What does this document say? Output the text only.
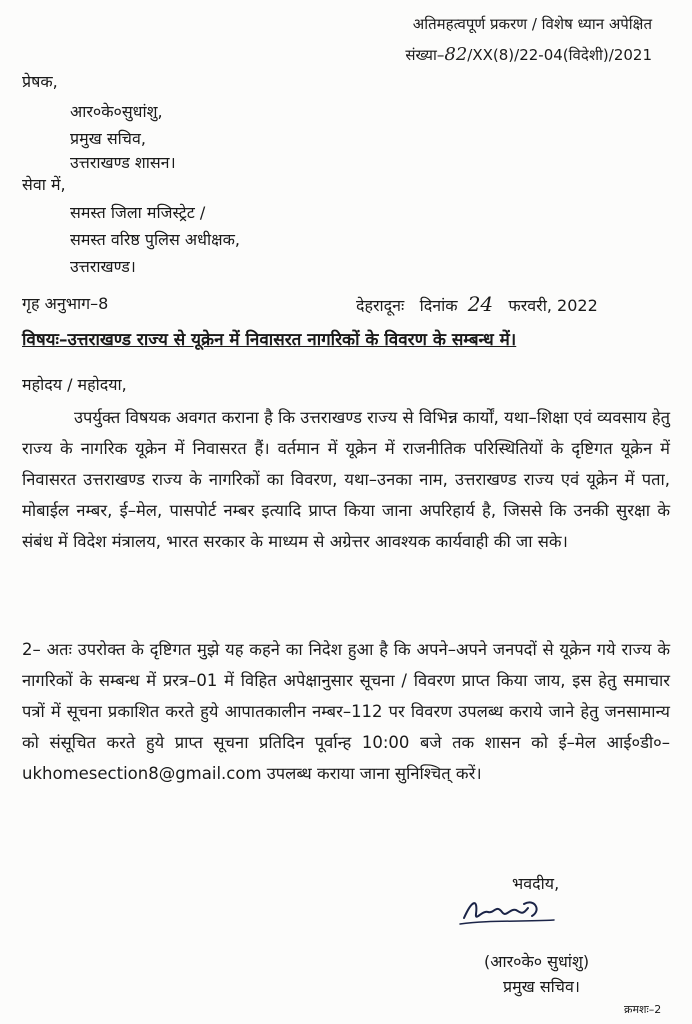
अतिमहत्वपूर्ण प्रकरण / विशेष ध्यान अपेक्षित
संख्या–82/XX(8)/22-04(विदेशी)/2021
प्रेषक,
आर०के०सुधांशु,
प्रमुख सचिव,
उत्तराखण्ड शासन।
सेवा में,
समस्त जिला मजिस्ट्रेट /
समस्त वरिष्ठ पुलिस अधीक्षक,
उत्तराखण्ड।
गृह अनुभाग–8	देहरादूनः दिनांक 24 फरवरी, 2022
विषयः–उत्तराखण्ड राज्य से यूक्रेन में निवासरत नागरिकों के विवरण के सम्बन्ध में।
महोदय / महोदया,

उपर्युक्त विषयक अवगत कराना है कि उत्तराखण्ड राज्य से विभिन्न कार्यों, यथा–शिक्षा एवं व्यवसाय हेतु राज्य के नागरिक यूक्रेन में निवासरत हैं। वर्तमान में यूक्रेन में राजनीतिक परिस्थितियों के दृष्टिगत यूक्रेन में निवासरत उत्तराखण्ड राज्य के नागरिकों का विवरण, यथा–उनका नाम, उत्तराखण्ड राज्य एवं यूक्रेन में पता, मोबाईल नम्बर, ई–मेल, पासपोर्ट नम्बर इत्यादि प्राप्त किया जाना अपरिहार्य है, जिससे कि उनकी सुरक्षा के संबंध में विदेश मंत्रालय, भारत सरकार के माध्यम से अग्रेत्तर आवश्यक कार्यवाही की जा सके।

2– अतः उपरोक्त के दृष्टिगत मुझे यह कहने का निदेश हुआ है कि अपने–अपने जनपदों से यूक्रेन गये राज्य के नागरिकों के सम्बन्ध में प्ररत्र–01 में विहित अपेक्षानुसार सूचना / विवरण प्राप्त किया जाय, इस हेतु समाचार पत्रों में सूचना प्रकाशित करते हुये आपातकालीन नम्बर–112 पर विवरण उपलब्ध कराये जाने हेतु जनसामान्य को संसूचित करते हुये प्राप्त सूचना प्रतिदिन पूर्वान्ह 10:00 बजे तक शासन को ई–मेल आई०डी०–ukhomesection8@gmail.com उपलब्ध कराया जाना सुनिश्चित् करें।

भवदीय,
(आर०के० सुधांशु)
प्रमुख सचिव।
क्रमशः–2
